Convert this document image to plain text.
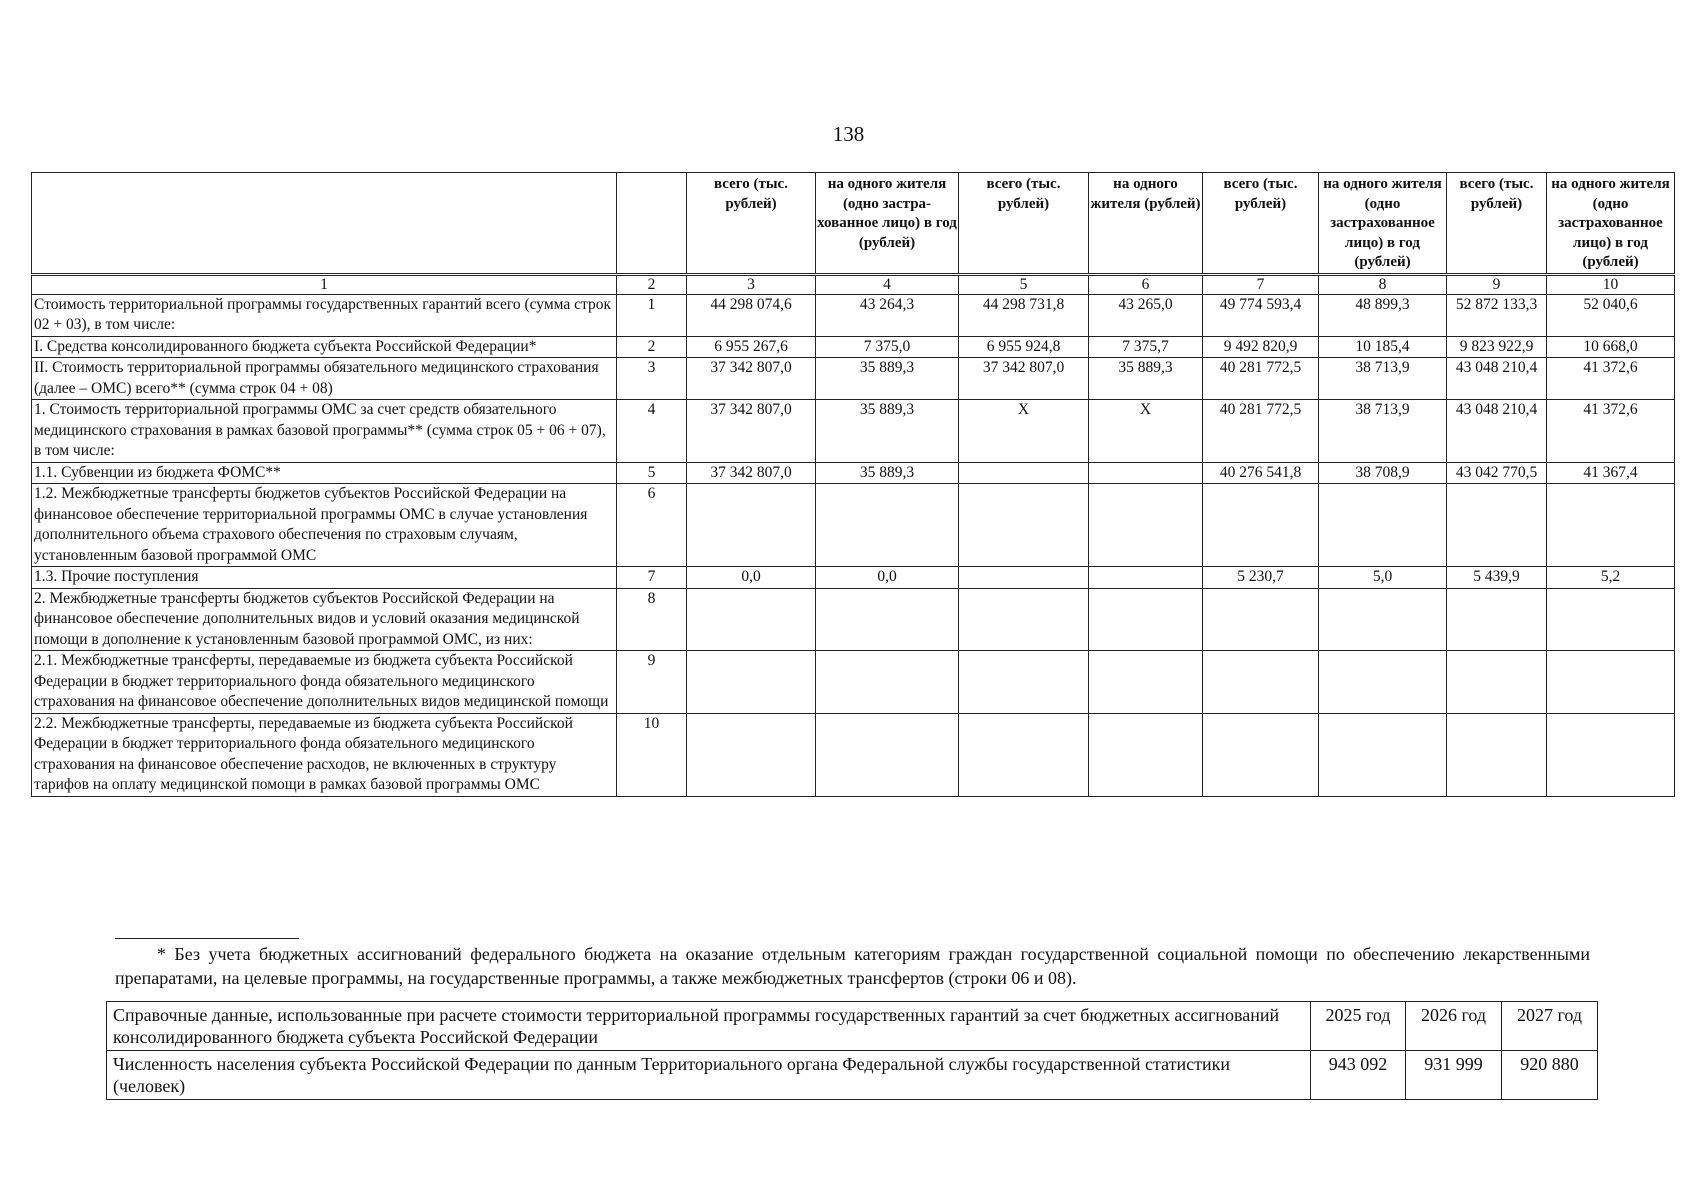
138
		всего (тыс. рублей)	на одного жителя (одно застра-хованное лицо) в год (рублей)	всего (тыс. рублей)	на одного жителя (рублей)	всего (тыс. рублей)	на одного жителя (одно застрахованное лицо) в год (рублей)	всего (тыс. рублей)	на одного жителя (одно застрахованное лицо) в год (рублей)
1	2	3	4	5	6	7	8	9	10
Стоимость территориальной программы государственных гарантий всего (сумма строк 02 + 03), в том числе:	1	44 298 074,6	43 264,3	44 298 731,8	43 265,0	49 774 593,4	48 899,3	52 872 133,3	52 040,6
I. Средства консолидированного бюджета субъекта Российской Федерации*	2	6 955 267,6	7 375,0	6 955 924,8	7 375,7	9 492 820,9	10 185,4	9 823 922,9	10 668,0
II. Стоимость территориальной программы обязательного медицинского страхования (далее – ОМС) всего** (сумма строк 04 + 08)	3	37 342 807,0	35 889,3	37 342 807,0	35 889,3	40 281 772,5	38 713,9	43 048 210,4	41 372,6
1. Стоимость территориальной программы ОМС за счет средств обязательного медицинского страхования в рамках базовой программы** (сумма строк 05 + 06 + 07), в том числе:	4	37 342 807,0	35 889,3	Х	Х	40 281 772,5	38 713,9	43 048 210,4	41 372,6
1.1. Субвенции из бюджета ФОМС**	5	37 342 807,0	35 889,3			40 276 541,8	38 708,9	43 042 770,5	41 367,4
1.2. Межбюджетные трансферты бюджетов субъектов Российской Федерации на финансовое обеспечение территориальной программы ОМС в случае установления дополнительного объема страхового обеспечения по страховым случаям, установленным базовой программой ОМС	6								
1.3. Прочие поступления	7	0,0	0,0			5 230,7	5,0	5 439,9	5,2
2. Межбюджетные трансферты бюджетов субъектов Российской Федерации на финансовое обеспечение дополнительных видов и условий оказания медицинской помощи в дополнение к установленным базовой программой ОМС, из них:	8								
2.1. Межбюджетные трансферты, передаваемые из бюджета субъекта Российской Федерации в бюджет территориального фонда обязательного медицинского страхования на финансовое обеспечение дополнительных видов медицинской помощи	9								
2.2. Межбюджетные трансферты, передаваемые из бюджета субъекта Российской Федерации в бюджет территориального фонда обязательного медицинского страхования на финансовое обеспечение расходов, не включенных в структуру тарифов на оплату медицинской помощи в рамках базовой программы ОМС	10								
* Без учета бюджетных ассигнований федерального бюджета на оказание отдельным категориям граждан государственной социальной помощи по обеспечению лекарственными препаратами, на целевые программы, на государственные программы, а также межбюджетных трансфертов (строки 06 и 08).
Справочные данные, использованные при расчете стоимости территориальной программы государственных гарантий за счет бюджетных ассигнований консолидированного бюджета субъекта Российской Федерации	2025 год	2026 год	2027 год
Численность населения субъекта Российской Федерации по данным Территориального органа Федеральной службы государственной статистики (человек)	943 092	931 999	920 880
